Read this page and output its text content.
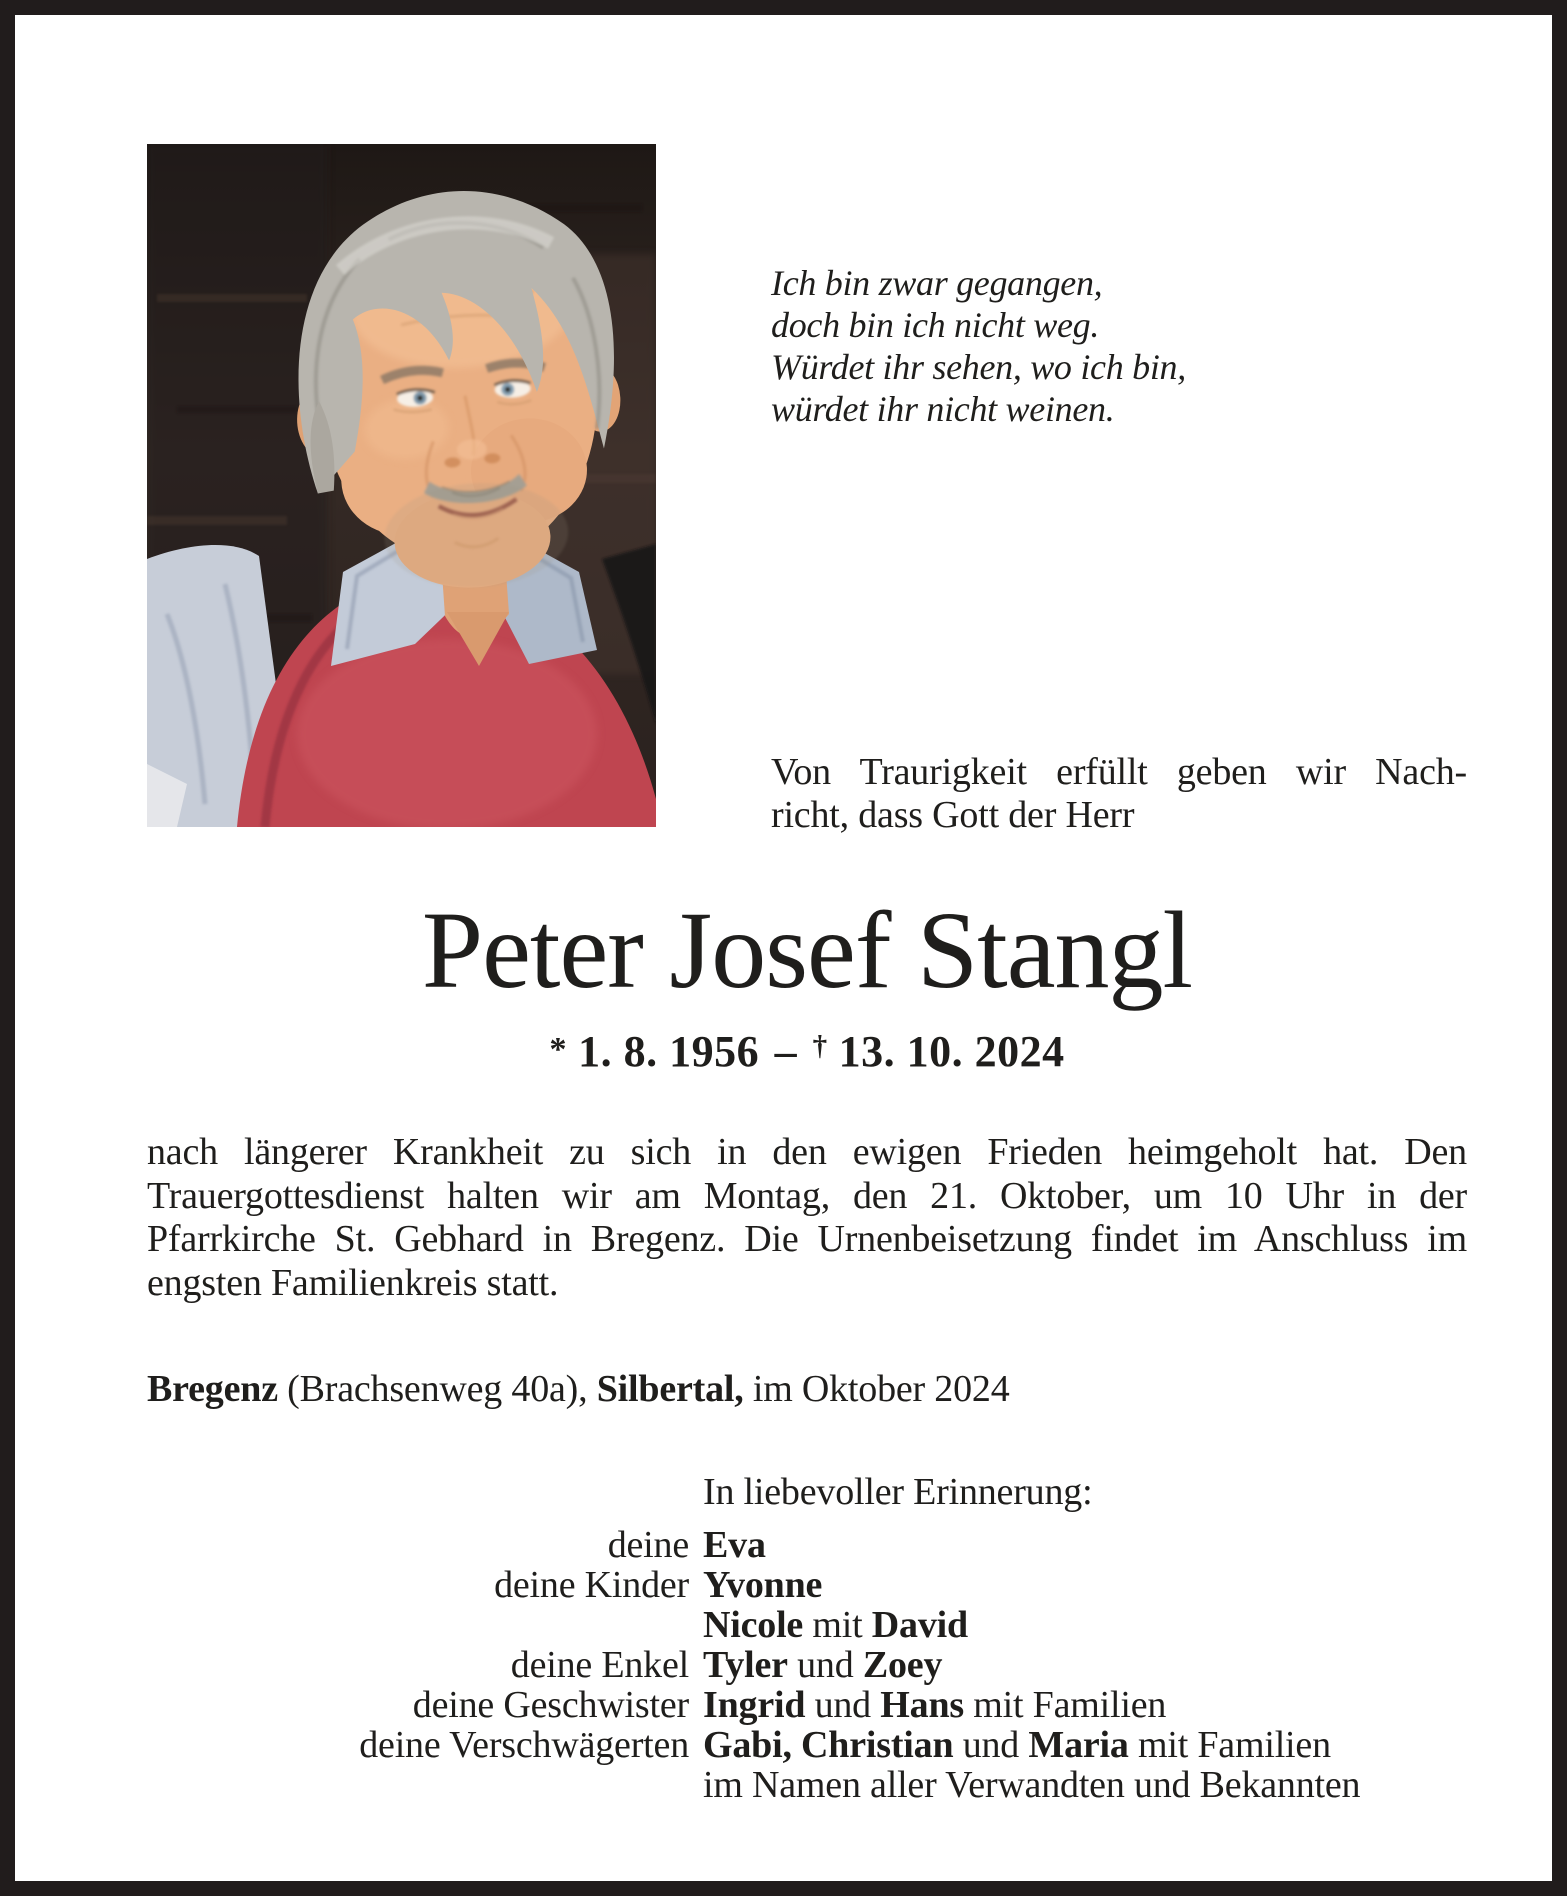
Ich bin zwar gegangen,
doch bin ich nicht weg.
Würdet ihr sehen, wo ich bin,
würdet ihr nicht weinen.
Von Traurigkeit erfüllt geben wir Nach-
richt, dass Gott der Herr
Peter Josef Stangl
* 1. 8. 1956 – † 13. 10. 2024

nach längerer Krankheit zu sich in den ewigen Frieden heimgeholt hat. Den Trauergottesdienst halten wir am Montag, den 21. Oktober, um 10 Uhr in der Pfarrkirche St. Gebhard in Bregenz. Die Urnenbeisetzung findet im Anschluss im engsten Familienkreis statt.

Bregenz (Brachsenweg 40a), Silbertal, im Oktober 2024
In liebevoller Erinnerung:
deine Eva
deine Kinder Yvonne
Nicole mit David
deine Enkel Tyler und Zoey
deine Geschwister Ingrid und Hans mit Familien
deine Verschwägerten Gabi, Christian und Maria mit Familien
im Namen aller Verwandten und Bekannten
